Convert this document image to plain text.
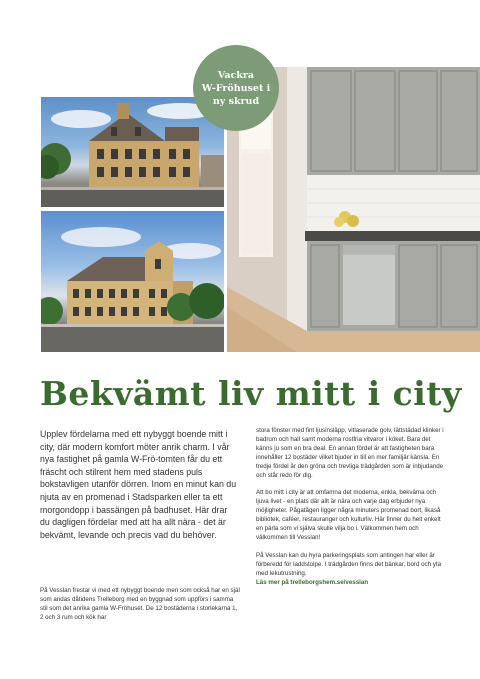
Vackra
W-Fröhuset i
ny skrud
Bekvämt liv mitt i city

Upplev fördelarna med ett nybyggt boende mitt i city, där modern komfort möter anrik charm. I vår nya fastighet på gamla W-Frö-tomten får du ett fräscht och stilrent hem med stadens puls bokstavligen utanför dörren. Inom en minut kan du njuta av en promenad i Stadsparken eller ta ett morgondopp i bassängen på badhuset. Här drar du dagligen fördelar med att ha allt nära - det är bekvämt, levande och precis vad du behöver.

På Vesslan frestar vi med ett nybyggt boende men som också har en själ som andas dåtidens Trelleborg med en byggnad som uppförs i samma stil som det anrika gamla W-Fröhuset. De 12 bostäderna i storlekarna 1, 2 och 3 rum och kök har

stora fönster med fint ljusinsläpp, vitlaserade golv, lättstädad klinker i badrum och hall samt moderna rostfria vitvaror i köket. Bara det känns ju som en bra deal. En annan fördel är att fastigheten bara innehåller 12 bostäder vilket bjuder in till en mer familjär känsla. En tredje fördel är den gröna och trevliga trädgården som är inbjudande och står redo för dig.

Att bo mitt i city är att omfamna det moderna, enkla, bekväma och ljuva livet - en plats där allt är nära och varje dag erbjuder nya möjligheter. Pågatågen ligger några minuters promenad bort, likaså bibliotek, caféer, restauranger och kulturliv. Här finner du helt enkelt en pärla som vi själva skulle vilja bo i. Välkommen hem och välkommen till Vesslan!

På Vesslan kan du hyra parkeringsplats som antingen har eller är förberedd för laddstolpe. I trädgården finns det bänkar, bord och yta med lekutrustning.
Läs mer på trelleborgshem.se/vesslan
